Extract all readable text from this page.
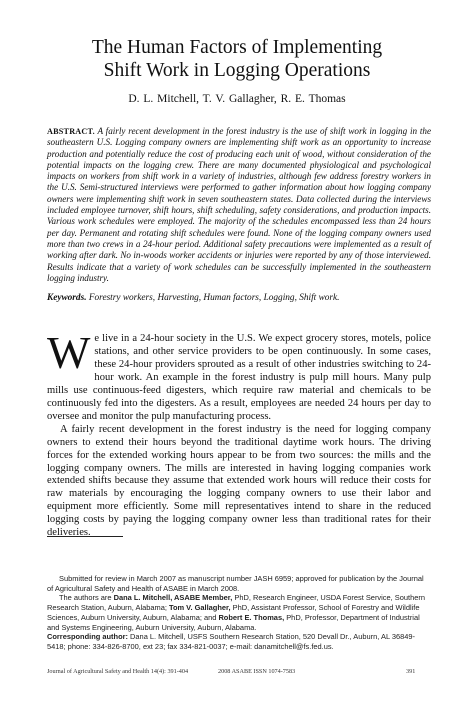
The Human Factors of Implementing
Shift Work in Logging Operations
D. L. Mitchell, T. V. Gallagher, R. E. Thomas
ABSTRACT. A fairly recent development in the forest industry is the use of shift work in logging in the southeastern U.S. Logging company owners are implementing shift work as an opportunity to increase production and potentially reduce the cost of producing each unit of wood, without consideration of the potential impacts on the logging crew. There are many documented physiological and psychological impacts on workers from shift work in a variety of industries, although few address forestry workers in the U.S. Semi-structured interviews were performed to gather information about how logging company owners were implementing shift work in seven southeastern states. Data collected during the interviews included employee turnover, shift hours, shift scheduling, safety considerations, and production impacts. Various work schedules were employed. The majority of the schedules encompassed less than 24 hours per day. Permanent and rotating shift schedules were found. None of the logging company owners used more than two crews in a 24-hour period. Additional safety precautions were implemented as a result of working after dark. No in-woods worker accidents or injuries were reported by any of those interviewed. Results indicate that a variety of work schedules can be successfully implemented in the southeastern logging industry.
Keywords. Forestry workers, Harvesting, Human factors, Logging, Shift work.

We live in a 24-hour society in the U.S. We expect grocery stores, motels, police stations, and other service providers to be open continuously. In some cases, these 24-hour providers sprouted as a result of other industries switching to 24-hour work. An example in the forest industry is pulp mill hours. Many pulp mills use continuous-feed digesters, which require raw material and chemicals to be continuously fed into the digesters. As a result, employees are needed 24 hours per day to oversee and monitor the pulp manufacturing process.

A fairly recent development in the forest industry is the need for logging company owners to extend their hours beyond the traditional daytime work hours. The driving forces for the extended working hours appear to be from two sources: the mills and the logging company owners. The mills are interested in having logging companies work extended shifts because they assume that extended work hours will reduce their costs for raw materials by encouraging the logging company owners to use their labor and equipment more efficiently. Some mill representatives intend to share in the reduced logging costs by paying the logging company owner less than traditional rates for their deliveries.

Submitted for review in March 2007 as manuscript number JASH 6959; approved for publication by the Journal of Agricultural Safety and Health of ASABE in March 2008.

The authors are Dana L. Mitchell, ASABE Member, PhD, Research Engineer, USDA Forest Service, Southern Research Station, Auburn, Alabama; Tom V. Gallagher, PhD, Assistant Professor, School of Forestry and Wildlife Sciences, Auburn University, Auburn, Alabama; and Robert E. Thomas, PhD, Professor, Department of Industrial and Systems Engineering, Auburn University, Auburn, Alabama.

Corresponding author: Dana L. Mitchell, USFS Southern Research Station, 520 Devall Dr., Auburn, AL 36849-5418; phone: 334-826-8700, ext 23; fax 334-821-0037; e-mail: danamitchell@fs.fed.us.

Journal of Agricultural Safety and Health 14(4): 391-404	2008 ASABE ISSN 1074-7583	391
